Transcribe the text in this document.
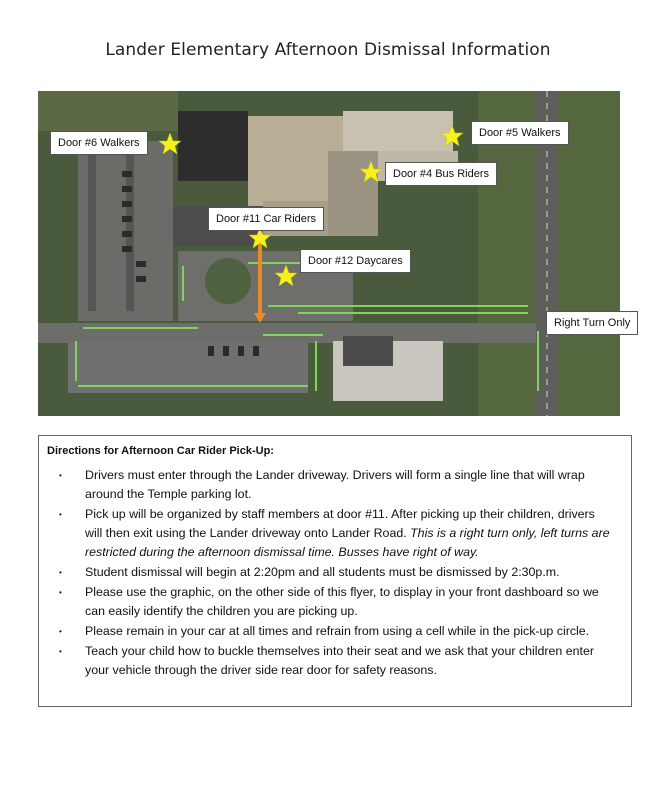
Lander Elementary Afternoon Dismissal Information
Door #6 Walkers
Door #5 Walkers
Door #4 Bus Riders
Door #11 Car Riders
Door #12 Daycares
Right Turn Only
Directions for Afternoon Car Rider Pick-Up:
• Drivers must enter through the Lander driveway. Drivers will form a single line that will wrap around the Temple parking lot.
• Pick up will be organized by staff members at door #11. After picking up their children, drivers will then exit using the Lander driveway onto Lander Road. This is a right turn only, left turns are restricted during the afternoon dismissal time. Busses have right of way.
• Student dismissal will begin at 2:20pm and all students must be dismissed by 2:30p.m.
• Please use the graphic, on the other side of this flyer, to display in your front dashboard so we can easily identify the children you are picking up.
• Please remain in your car at all times and refrain from using a cell while in the pick-up circle.
• Teach your child how to buckle themselves into their seat and we ask that your children enter your vehicle through the driver side rear door for safety reasons.
